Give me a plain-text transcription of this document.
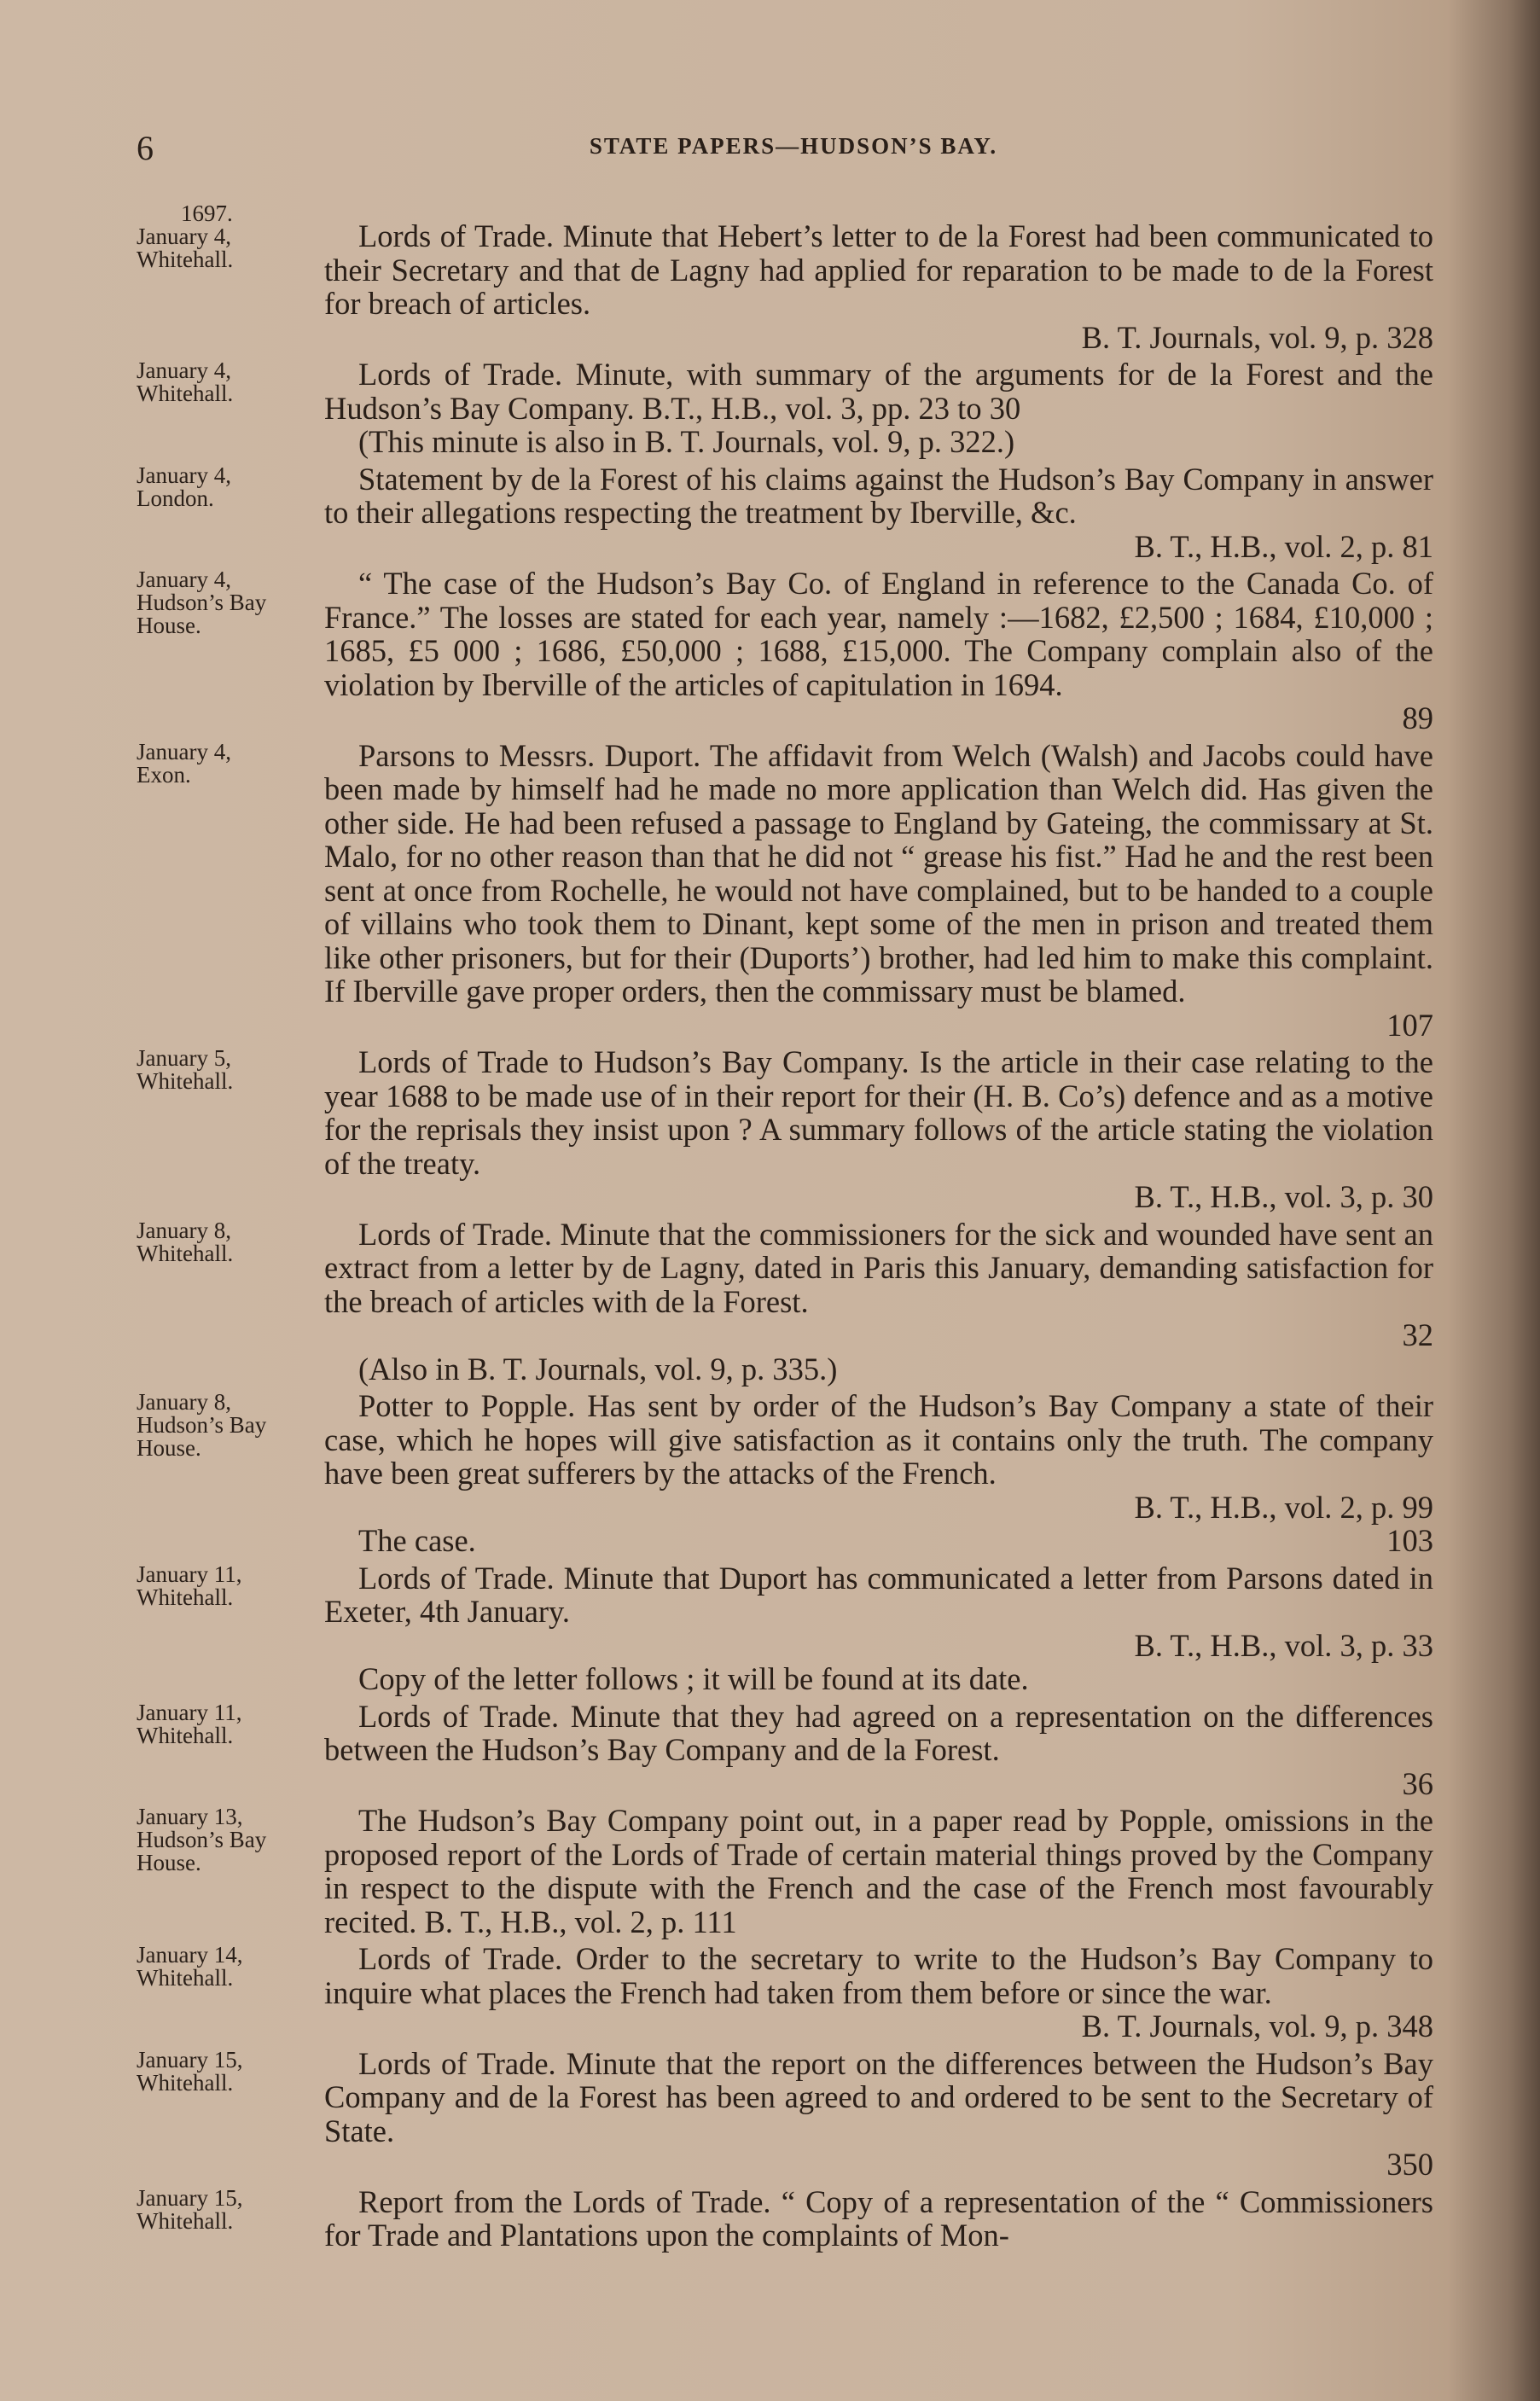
6	STATE PAPERS—HUDSON’S BAY.
1697.
January 4,
Whitehall.

Lords of Trade. Minute that Hebert’s letter to de la Forest had been communicated to their Secretary and that de Lagny had applied for reparation to be made to de la Forest for breach of articles.

B. T. Journals, vol. 9, p. 328
January 4,
Whitehall.

Lords of Trade. Minute, with summary of the arguments for de la Forest and the Hudson’s Bay Company. B.T., H.B., vol. 3, pp. 23 to 30

(This minute is also in B. T. Journals, vol. 9, p. 322.)
January 4,
London.

Statement by de la Forest of his claims against the Hudson’s Bay Company in answer to their allegations respecting the treatment by Iberville, &c.

B. T., H.B., vol. 2, p. 81
January 4,
Hudson’s Bay House.

“ The case of the Hudson’s Bay Co. of England in reference to the Canada Co. of France.” The losses are stated for each year, namely :—1682, £2,500 ; 1684, £10,000 ; 1685, £5 000 ; 1686, £50,000 ; 1688, £15,000. The Company complain also of the violation by Iberville of the articles of capitulation in 1694.

89
January 4,
Exon.

Parsons to Messrs. Duport. The affidavit from Welch (Walsh) and Jacobs could have been made by himself had he made no more application than Welch did. Has given the other side. He had been refused a passage to England by Gateing, the commissary at St. Malo, for no other reason than that he did not “ grease his fist.” Had he and the rest been sent at once from Rochelle, he would not have complained, but to be handed to a couple of villains who took them to Dinant, kept some of the men in prison and treated them like other prisoners, but for their (Duports’) brother, had led him to make this complaint. If Iberville gave proper orders, then the commissary must be blamed.

107
January 5,
Whitehall.

Lords of Trade to Hudson’s Bay Company. Is the article in their case relating to the year 1688 to be made use of in their report for their (H. B. Co’s) defence and as a motive for the reprisals they insist upon ? A summary follows of the article stating the violation of the treaty.

B. T., H.B., vol. 3, p. 30
January 8,
Whitehall.

Lords of Trade. Minute that the commissioners for the sick and wounded have sent an extract from a letter by de Lagny, dated in Paris this January, demanding satisfaction for the breach of articles with de la Forest.

32
(Also in B. T. Journals, vol. 9, p. 335.)
January 8,
Hudson’s Bay House.

Potter to Popple. Has sent by order of the Hudson’s Bay Company a state of their case, which he hopes will give satisfaction as it contains only the truth. The company have been great sufferers by the attacks of the French.

B. T., H.B., vol. 2, p. 99
The case.	103
January 11,
Whitehall.

Lords of Trade. Minute that Duport has communicated a letter from Parsons dated in Exeter, 4th January.

B. T., H.B., vol. 3, p. 33
Copy of the letter follows ; it will be found at its date.
January 11,
Whitehall.

Lords of Trade. Minute that they had agreed on a representation on the differences between the Hudson’s Bay Company and de la Forest.

36
January 13,
Hudson’s Bay House.

The Hudson’s Bay Company point out, in a paper read by Popple, omissions in the proposed report of the Lords of Trade of certain material things proved by the Company in respect to the dispute with the French and the case of the French most favourably recited. B. T., H.B., vol. 2, p. 111

January 14,
Whitehall.

Lords of Trade. Order to the secretary to write to the Hudson’s Bay Company to inquire what places the French had taken from them before or since the war.

B. T. Journals, vol. 9, p. 348
January 15,
Whitehall.

Lords of Trade. Minute that the report on the differences between the Hudson’s Bay Company and de la Forest has been agreed to and ordered to be sent to the Secretary of State.

350
January 15,
Whitehall.

Report from the Lords of Trade. “ Copy of a representation of the “ Commissioners for Trade and Plantations upon the complaints of Mon-
